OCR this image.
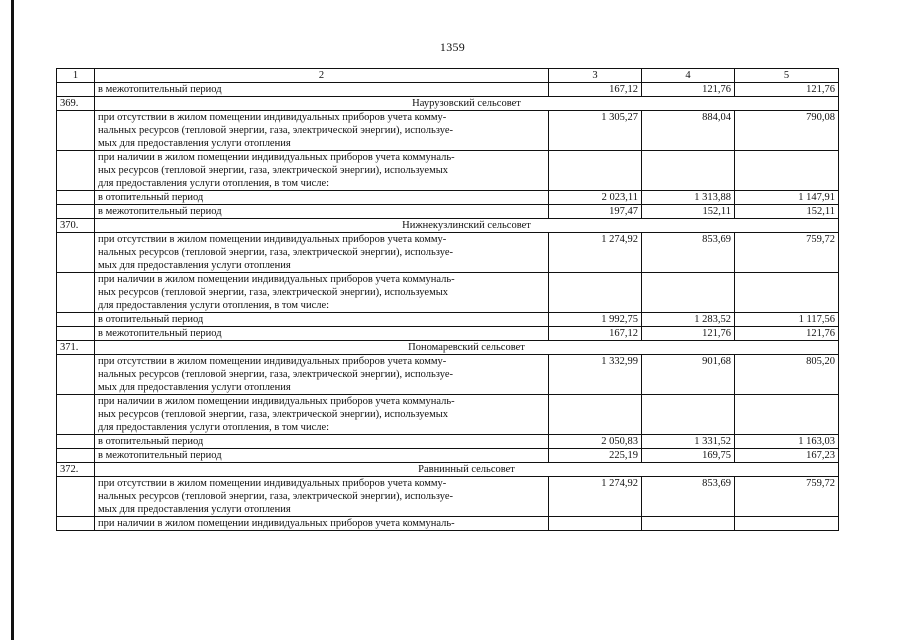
1359
1	2	3	4	5
	в межотопительный период	167,12	121,76	121,76
369.	Наурузовский сельсовет			

	при отсутствии в жилом помещении индивидуальных приборов учета комму-
нальных ресурсов (тепловой энергии, газа, электрической энергии), используе-
мых для предоставления услуги отопления	1 305,27	884,04	790,08

	при наличии в жилом помещении индивидуальных приборов учета коммуналь-
ных ресурсов (тепловой энергии, газа, электрической энергии), используемых
для предоставления услуги отопления, в том числе:			

	в отопительный период	2 023,11	1 313,88	1 147,91
	в межотопительный период	197,47	152,11	152,11
370.	Нижнекузлинский сельсовет			

	при отсутствии в жилом помещении индивидуальных приборов учета комму-
нальных ресурсов (тепловой энергии, газа, электрической энергии), используе-
мых для предоставления услуги отопления	1 274,92	853,69	759,72

	при наличии в жилом помещении индивидуальных приборов учета коммуналь-
ных ресурсов (тепловой энергии, газа, электрической энергии), используемых
для предоставления услуги отопления, в том числе:			

	в отопительный период	1 992,75	1 283,52	1 117,56
	в межотопительный период	167,12	121,76	121,76
371.	Пономаревский сельсовет			

	при отсутствии в жилом помещении индивидуальных приборов учета комму-
нальных ресурсов (тепловой энергии, газа, электрической энергии), используе-
мых для предоставления услуги отопления	1 332,99	901,68	805,20

	при наличии в жилом помещении индивидуальных приборов учета коммуналь-
ных ресурсов (тепловой энергии, газа, электрической энергии), используемых
для предоставления услуги отопления, в том числе:			

	в отопительный период	2 050,83	1 331,52	1 163,03
	в межотопительный период	225,19	169,75	167,23
372.	Равнинный сельсовет			

	при отсутствии в жилом помещении индивидуальных приборов учета комму-
нальных ресурсов (тепловой энергии, газа, электрической энергии), используе-
мых для предоставления услуги отопления	1 274,92	853,69	759,72

	при наличии в жилом помещении индивидуальных приборов учета коммуналь-			
